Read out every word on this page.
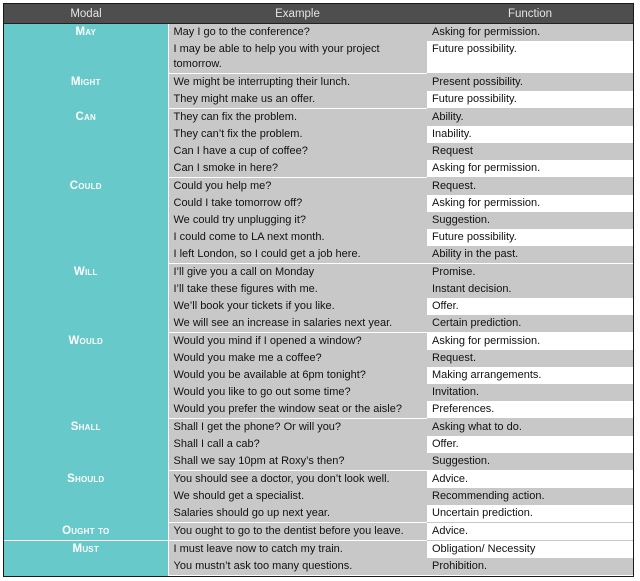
Modal	Example	Function
May	May I go to the conference?	Asking for permission.
	I may be able to help you with your project tomorrow.	Future possibility.
Might	We might be interrupting their lunch.	Present possibility.
	They might make us an offer.	Future possibility.
Can	They can fix the problem.	Ability.
	They can’t fix the problem.	Inability.
	Can I have a cup of coffee?	Request
	Can I smoke in here?	Asking for permission.
Could	Could you help me?	Request.
	Could I take tomorrow off?	Asking for permission.
	We could try unplugging it?	Suggestion.
	I could come to LA next month.	Future possibility.
	I left London, so I could get a job here.	Ability in the past.
Will	I’ll give you a call on Monday	Promise.
	I’ll take these figures with me.	Instant decision.
	We’ll book your tickets if you like.	Offer.
	We will see an increase in salaries next year.	Certain prediction.
Would	Would you mind if I opened a window?	Asking for permission.
	Would you make me a coffee?	Request.
	Would you be available at 6pm tonight?	Making arrangements.
	Would you like to go out some time?	Invitation.
	Would you prefer the window seat or the aisle?	Preferences.
Shall	Shall I get the phone? Or will you?	Asking what to do.
	Shall I call a cab?	Offer.
	Shall we say 10pm at Roxy’s then?	Suggestion.
Should	You should see a doctor, you don’t look well.	Advice.
	We should get a specialist.	Recommending action.
	Salaries should go up next year.	Uncertain prediction.
Ought to	You ought to go to the dentist before you leave.	Advice.
Must	I must leave now to catch my train.	Obligation/ Necessity
	You mustn’t ask too many questions.	Prohibition.
